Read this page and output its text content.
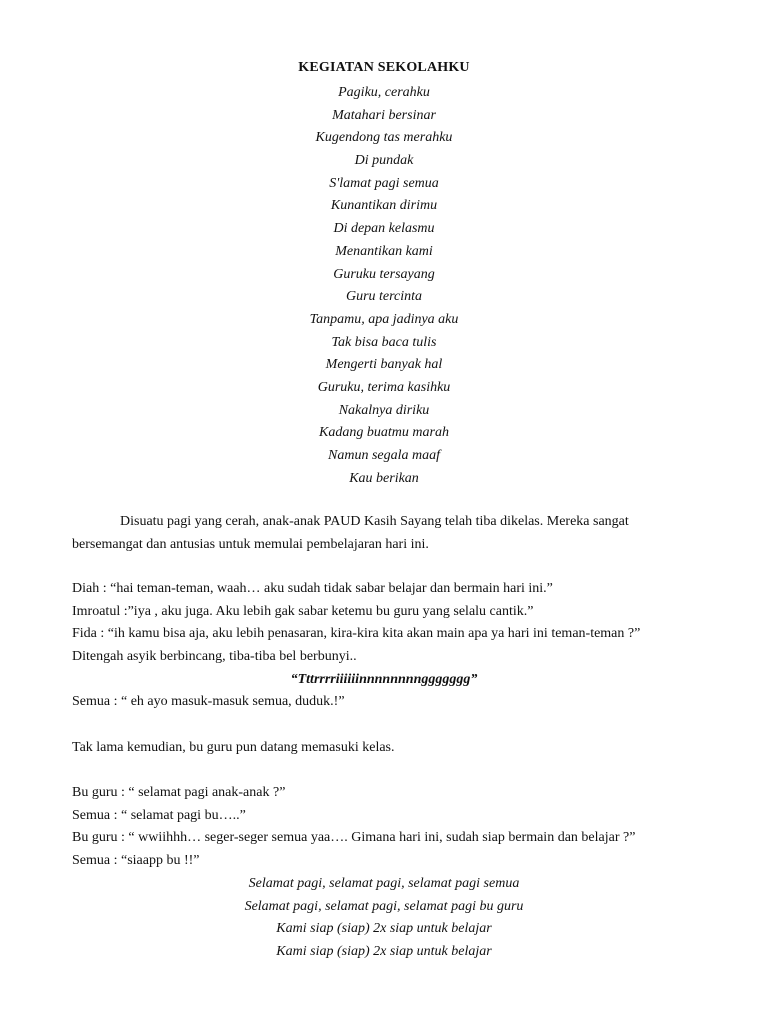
KEGIATAN SEKOLAHKU
Pagiku, cerahku
Matahari bersinar
Kugendong tas merahku
Di pundak
S'lamat pagi semua
Kunantikan dirimu
Di depan kelasmu
Menantikan kami
Guruku tersayang
Guru tercinta
Tanpamu, apa jadinya aku
Tak bisa baca tulis
Mengerti banyak hal
Guruku, terima kasihku
Nakalnya diriku
Kadang buatmu marah
Namun segala maaf
Kau berikan

Disuatu pagi yang cerah, anak-anak PAUD Kasih Sayang telah tiba dikelas. Mereka sangat bersemangat dan antusias untuk memulai pembelajaran hari ini.

Diah : “hai teman-teman, waah… aku sudah tidak sabar belajar dan bermain hari ini.”
Imroatul :”iya , aku juga. Aku lebih gak sabar ketemu bu guru yang selalu cantik.”
Fida : “ih kamu bisa aja, aku lebih penasaran, kira-kira kita akan main apa ya hari ini teman-teman ?”
Ditengah asyik berbincang, tiba-tiba bel berbunyi..
“Tttrrrriiiiiinnnnnnnnggggggg”
Semua : “ eh ayo masuk-masuk semua, duduk.!”
Tak lama kemudian, bu guru pun datang memasuki kelas.
Bu guru : “ selamat pagi anak-anak ?”
Semua : “ selamat pagi bu…..”
Bu guru : “ wwiihhh… seger-seger semua yaa…. Gimana hari ini, sudah siap bermain dan belajar ?”
Semua : “siaapp bu !!”
Selamat pagi, selamat pagi, selamat pagi semua
Selamat pagi, selamat pagi, selamat pagi bu guru
Kami siap (siap) 2x siap untuk belajar
Kami siap (siap) 2x siap untuk belajar
